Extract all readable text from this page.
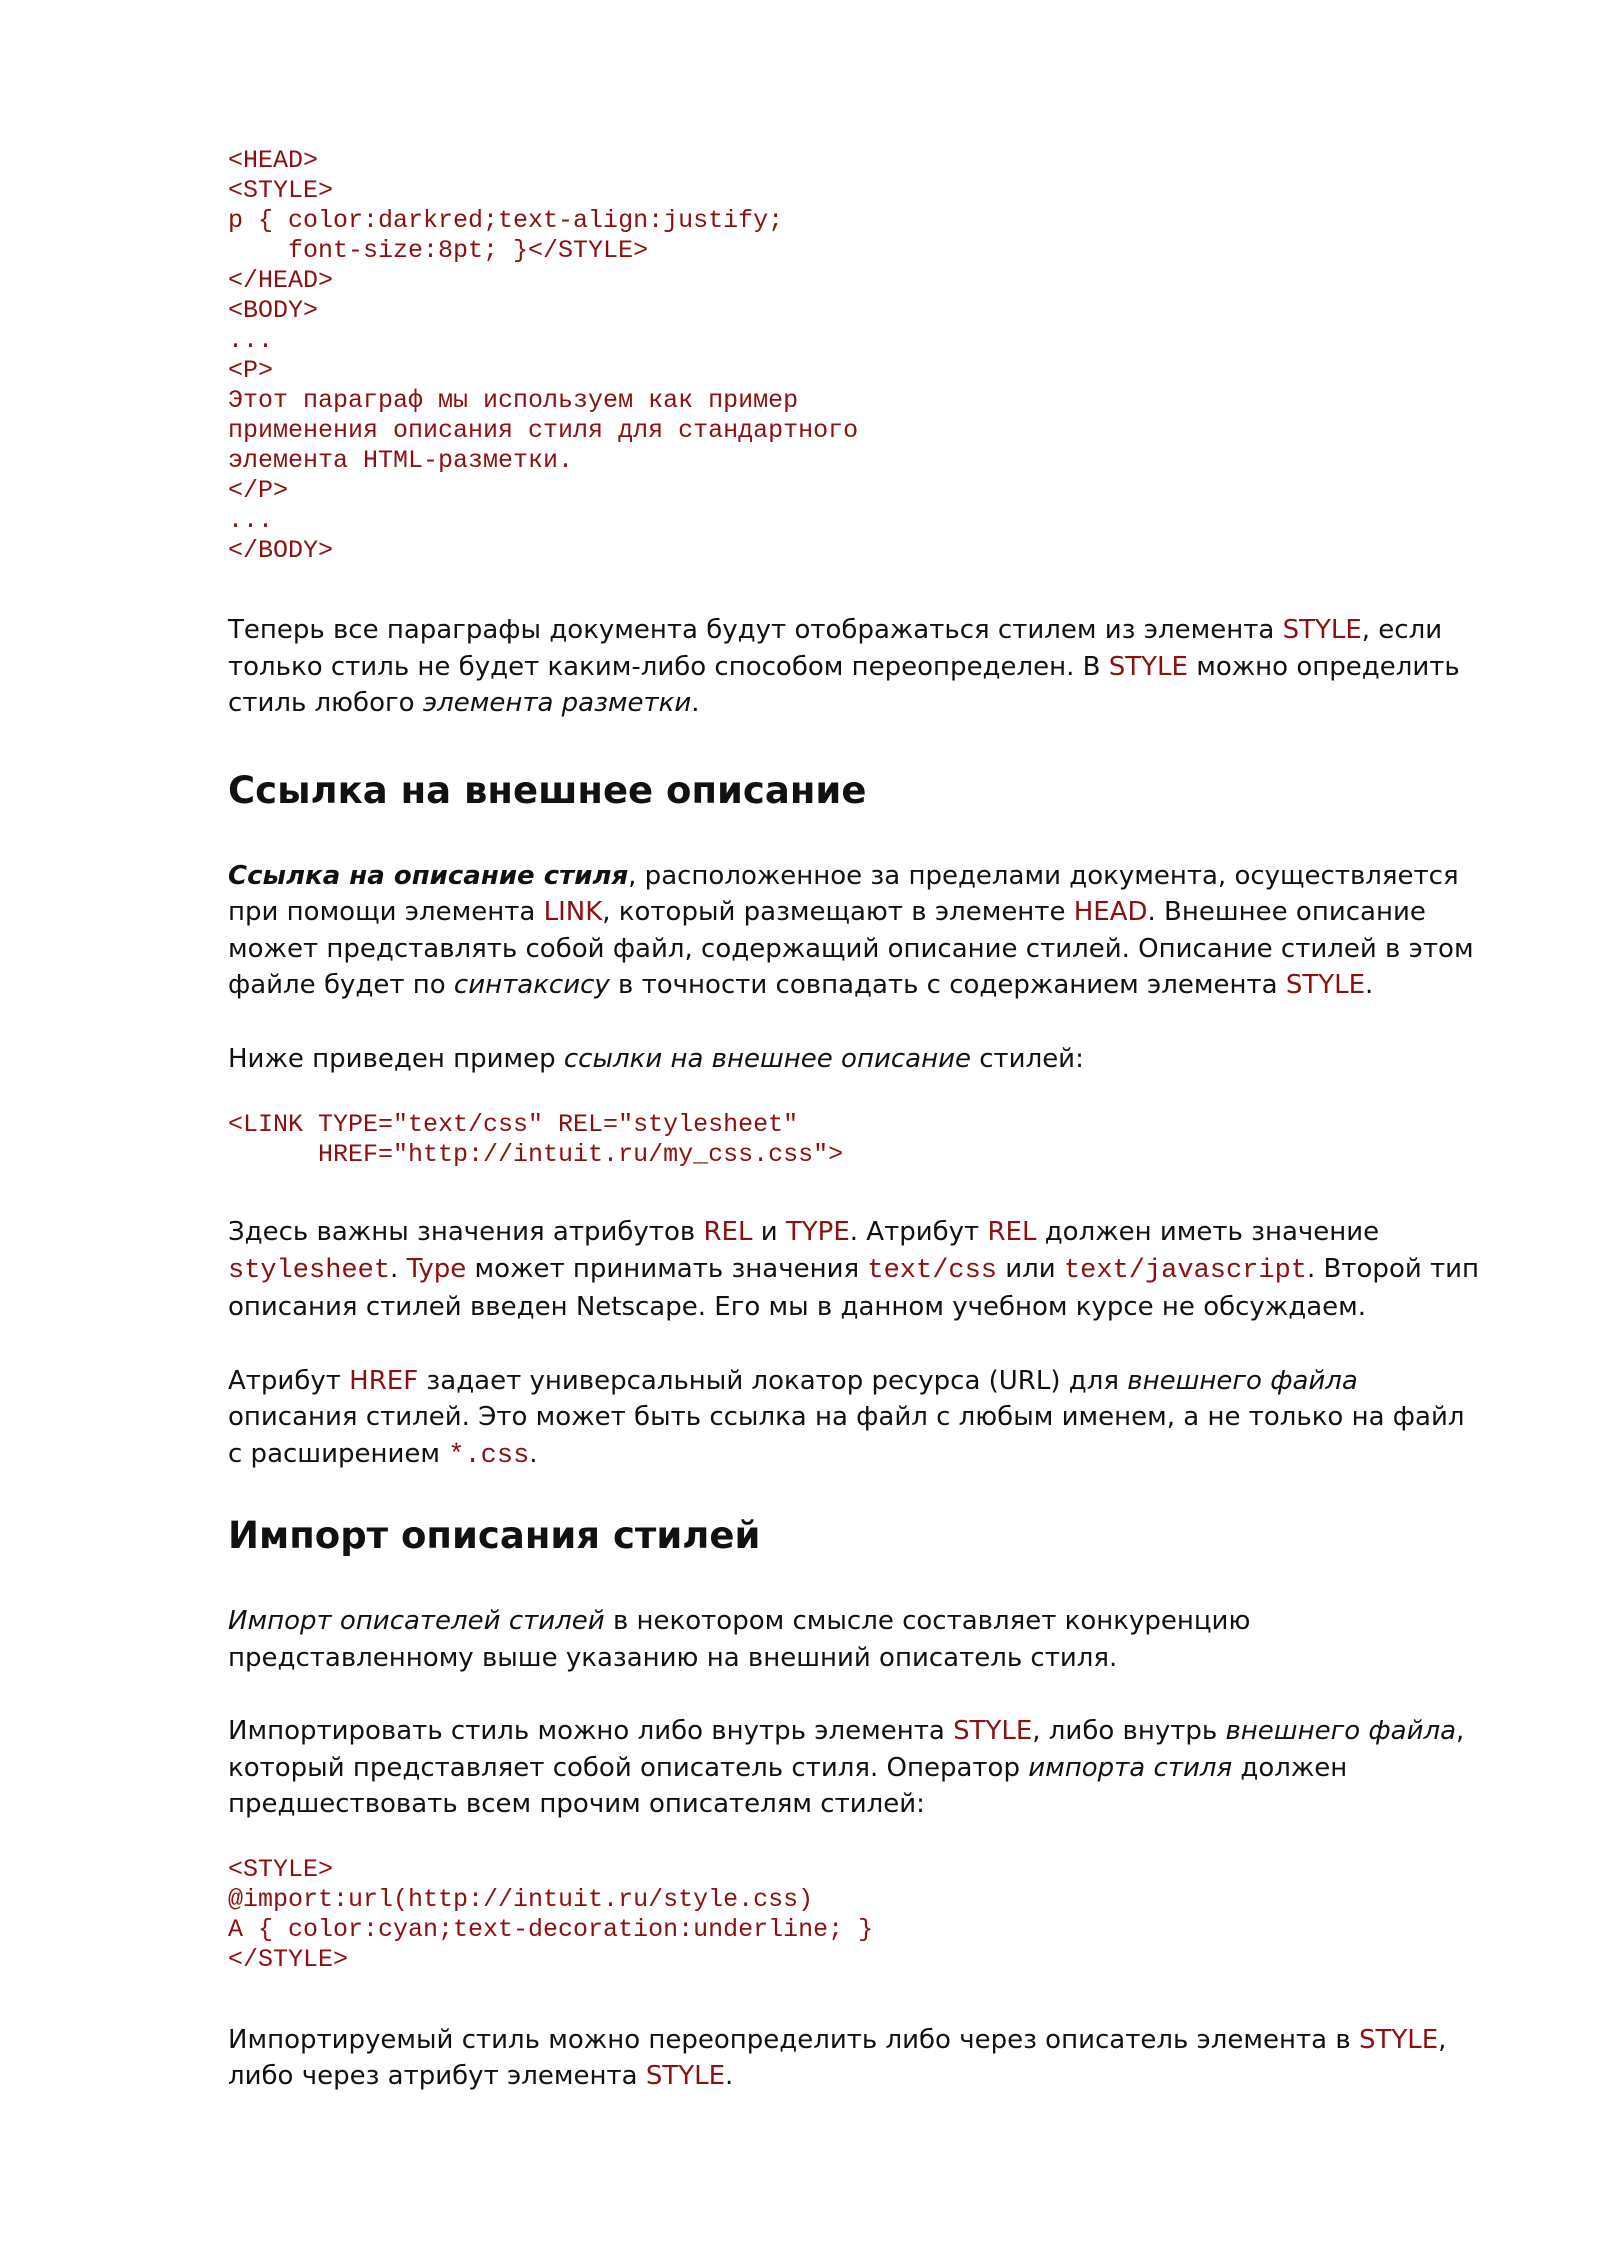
<HEAD>
<STYLE>
p { color:darkred;text-align:justify;
font-size:8pt; }</STYLE>
</HEAD>
<BODY>
...
<P>
Этот параграф мы используем как пример
применения описания стиля для стандартного
элемента HTML-разметки.
</P>
...
</BODY>

Теперь все параграфы документа будут отображаться стилем из элемента STYLE, если только стиль не будет каким-либо способом переопределен. В STYLE можно определить стиль любого элемента разметки.

Ссылка на внешнее описание

Ссылка на описание стиля, расположенное за пределами документа, осуществляется при помощи элемента LINK, который размещают в элементе HEAD. Внешнее описание может представлять собой файл, содержащий описание стилей. Описание стилей в этом файле будет по синтаксису в точности совпадать с содержанием элемента STYLE.

Ниже приведен пример ссылки на внешнее описание стилей:

<LINK TYPE="text/css" REL="stylesheet"
HREF="http://intuit.ru/my_css.css">

Здесь важны значения атрибутов REL и TYPE. Атрибут REL должен иметь значение stylesheet. Type может принимать значения text/css или text/javascript. Второй тип описания стилей введен Netscape. Его мы в данном учебном курсе не обсуждаем.

Атрибут HREF задает универсальный локатор ресурса (URL) для внешнего файла описания стилей. Это может быть ссылка на файл с любым именем, а не только на файл с расширением *.css.

Импорт описания стилей

Импорт описателей стилей в некотором смысле составляет конкуренцию представленному выше указанию на внешний описатель стиля.

Импортировать стиль можно либо внутрь элемента STYLE, либо внутрь внешнего файла, который представляет собой описатель стиля. Оператор импорта стиля должен предшествовать всем прочим описателям стилей:

<STYLE>
@import:url(http://intuit.ru/style.css)
A { color:cyan;text-decoration:underline; }
</STYLE>

Импортируемый стиль можно переопределить либо через описатель элемента в STYLE, либо через атрибут элемента STYLE.
